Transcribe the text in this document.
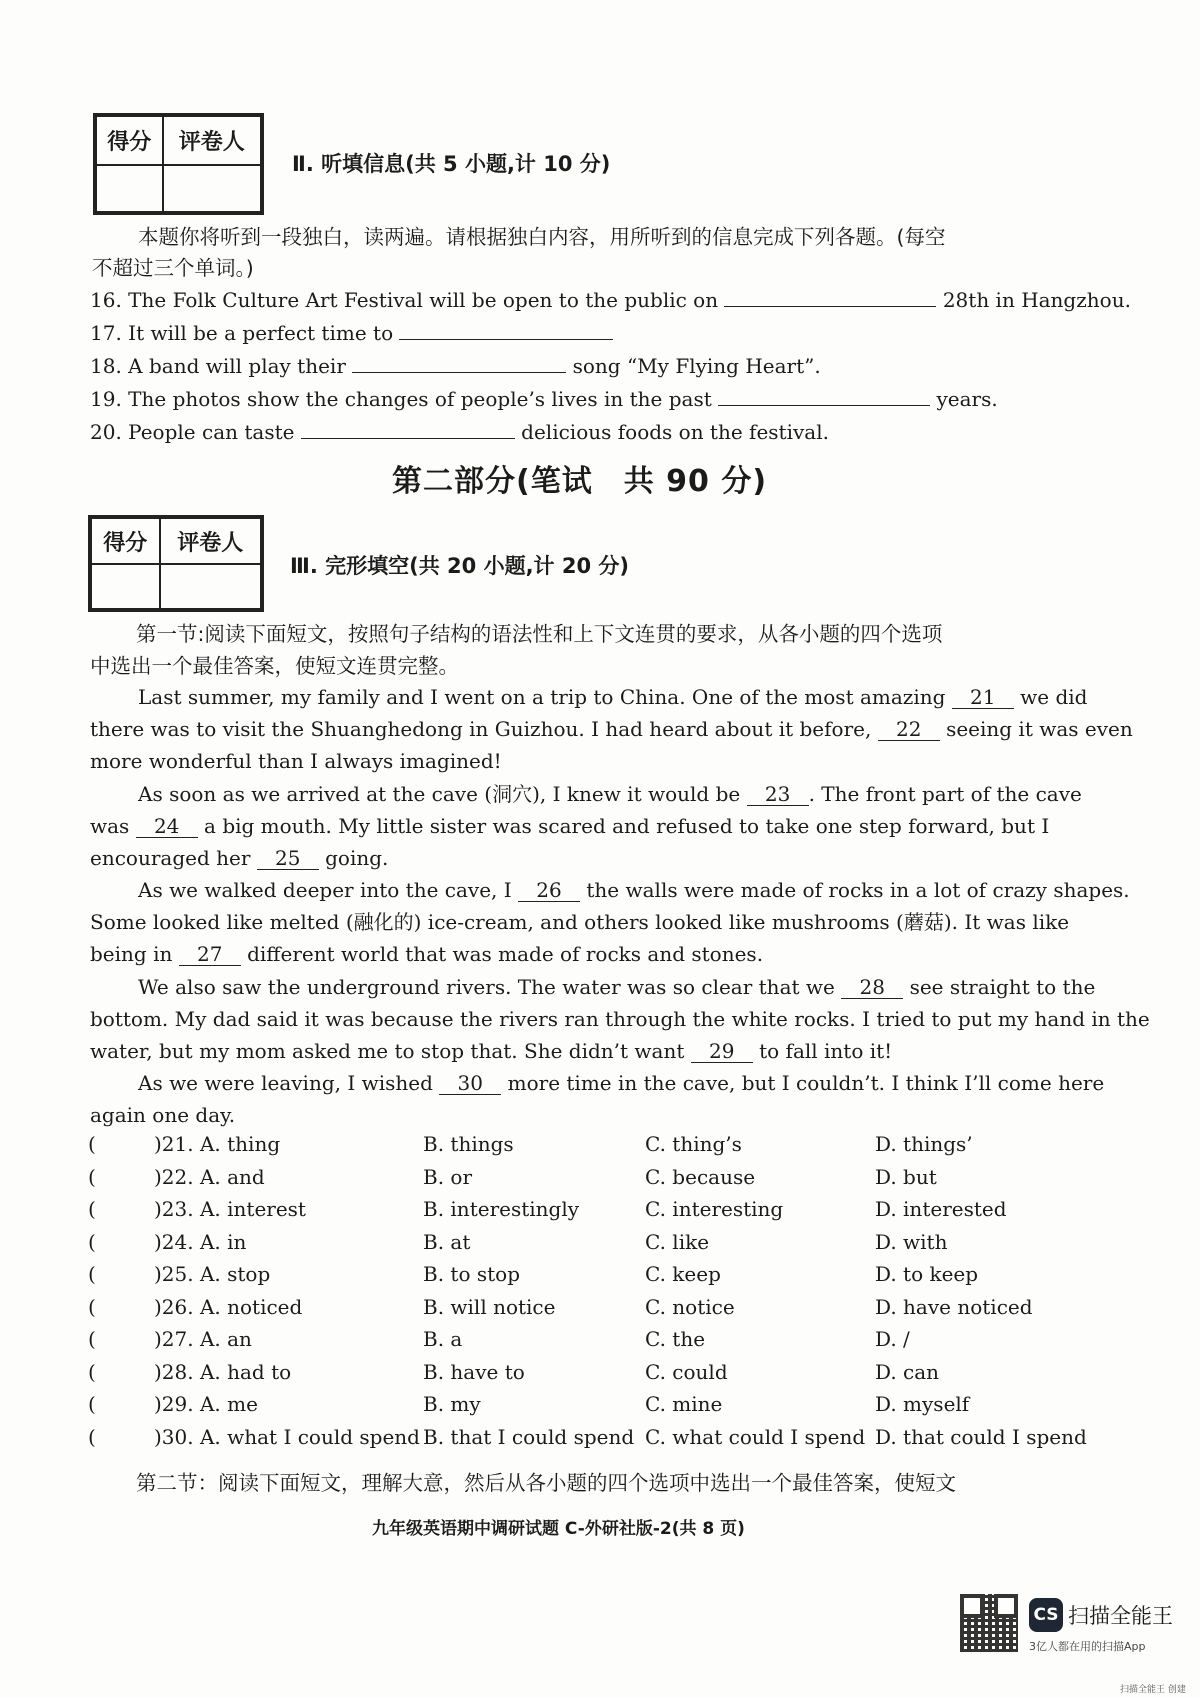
得分	评卷人

Ⅱ. 听填信息(共 5 小题,计 10 分)
本题你将听到一段独白，读两遍。请根据独白内容，用所听到的信息完成下列各题。(每空
不超过三个单词。)
16. The Folk Culture Art Festival will be open to the public on	28th in Hangzhou.
17. It will be a perfect time to
18. A band will play their	song “My Flying Heart”.
19. The photos show the changes of people’s lives in the past	years.
20. People can taste	delicious foods on the festival.
第二部分(笔试　共 90 分)
得分	评卷人

Ⅲ. 完形填空(共 20 小题,计 20 分)
第一节:阅读下面短文，按照句子结构的语法性和上下文连贯的要求，从各小题的四个选项
中选出一个最佳答案，使短文连贯完整。
Last summer, my family and I went on a trip to China. One of the most amazing 21 we did
there was to visit the Shuanghedong in Guizhou. I had heard about it before, 22 seeing it was even
more wonderful than I always imagined!
As soon as we arrived at the cave (洞穴), I knew it would be 23 . The front part of the cave
was 24 a big mouth. My little sister was scared and refused to take one step forward, but I
encouraged her 25 going.
As we walked deeper into the cave, I 26 the walls were made of rocks in a lot of crazy shapes.
Some looked like melted (融化的) ice-cream, and others looked like mushrooms (蘑菇). It was like
being in 27 different world that was made of rocks and stones.
We also saw the underground rivers. The water was so clear that we 28 see straight to the
bottom. My dad said it was because the rivers ran through the white rocks. I tried to put my hand in the
water, but my mom asked me to stop that. She didn’t want 29 to fall into it!
As we were leaving, I wished 30 more time in the cave, but I couldn’t. I think I’ll come here
again one day.
(	)21. A. thing	B. things	C. thing’s	D. things’
(	)22. A. and	B. or	C. because	D. but
(	)23. A. interest	B. interestingly	C. interesting	D. interested
(	)24. A. in	B. at	C. like	D. with
(	)25. A. stop	B. to stop	C. keep	D. to keep
(	)26. A. noticed	B. will notice	C. notice	D. have noticed
(	)27. A. an	B. a	C. the	D. /
(	)28. A. had to	B. have to	C. could	D. can
(	)29. A. me	B. my	C. mine	D. myself
(	)30. A. what I could spend B. that I could spend C. what could I spend D. that could I spend
第二节：阅读下面短文，理解大意，然后从各小题的四个选项中选出一个最佳答案，使短文
九年级英语期中调研试题 C-外研社版-2(共 8 页)
CS 扫描全能王
3亿人都在用的扫描App
扫描全能王 创建
